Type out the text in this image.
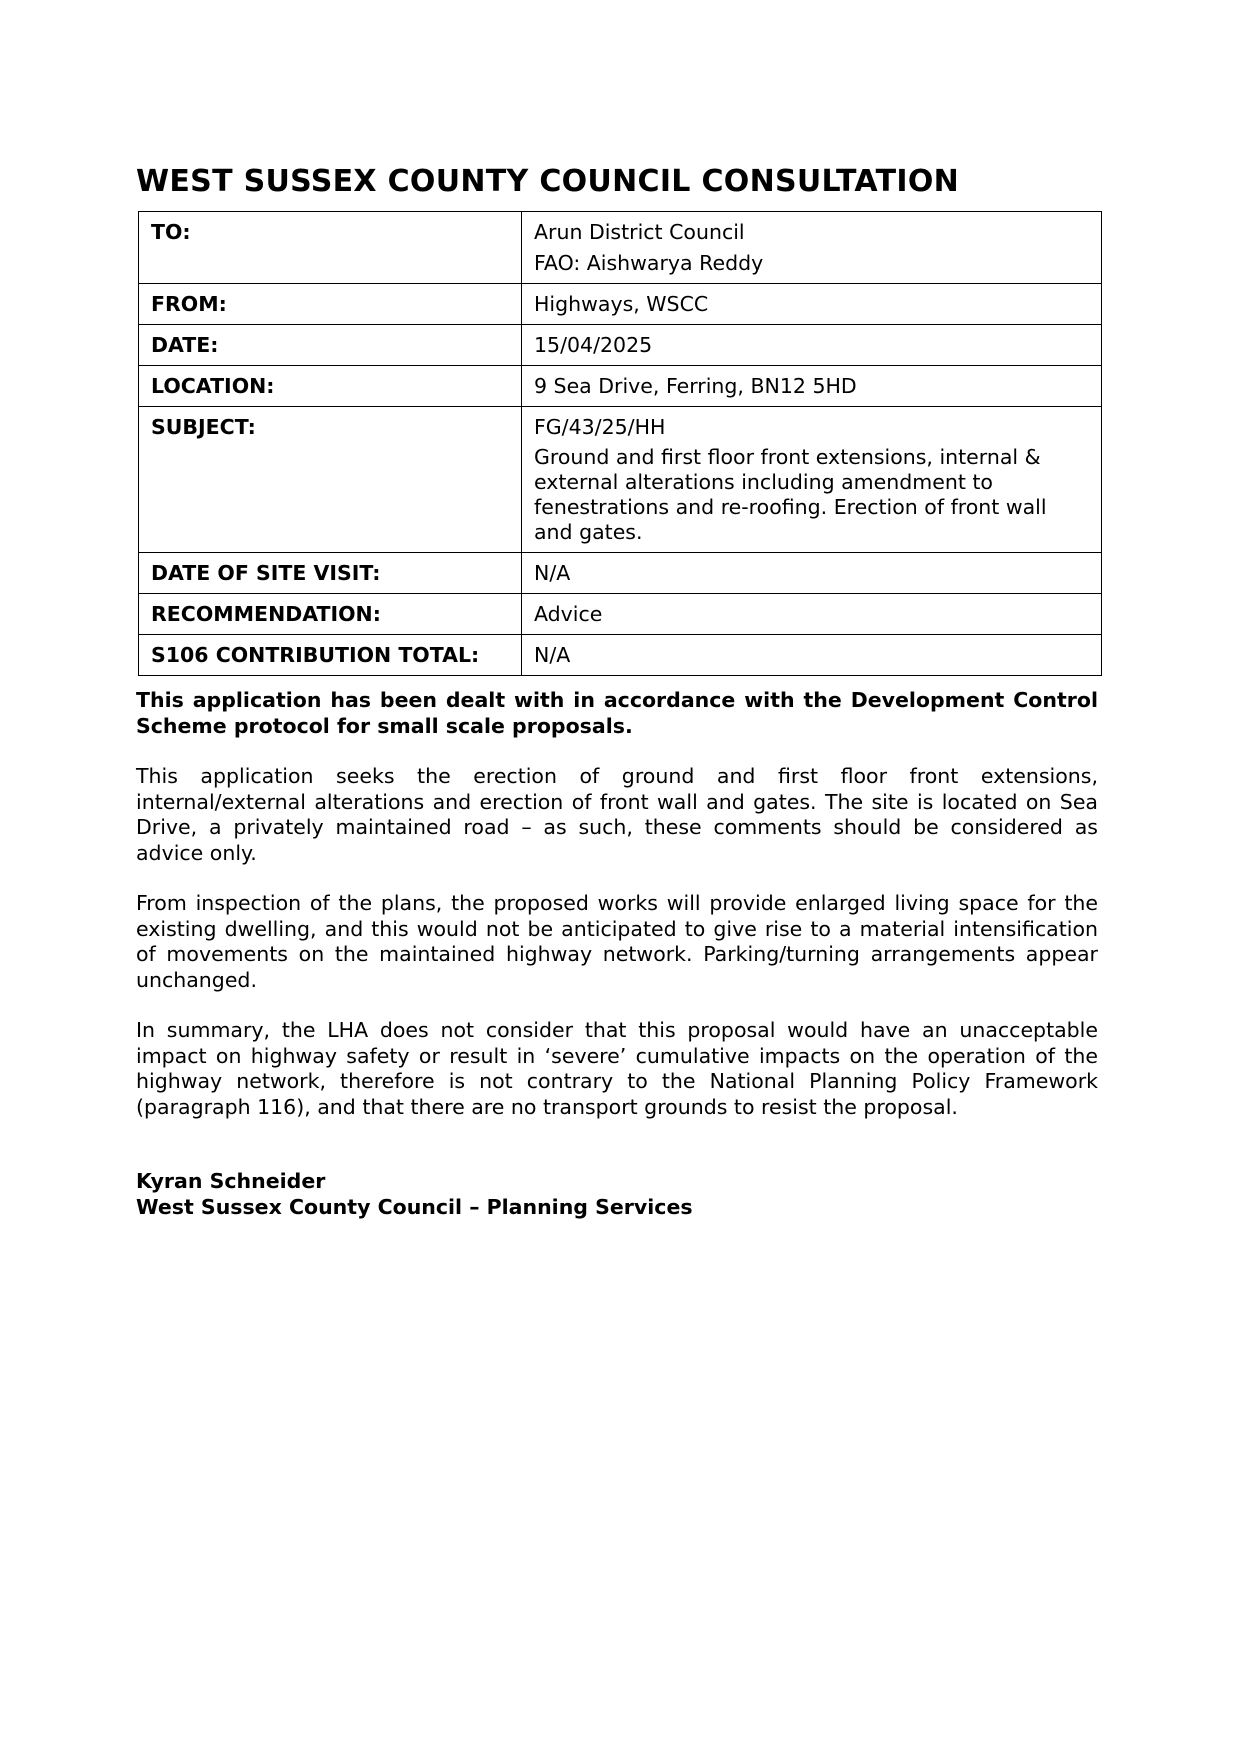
WEST SUSSEX COUNTY COUNCIL CONSULTATION
TO:	Arun District Council
FAO: Aishwarya Reddy

FROM:	Highways, WSCC
DATE:	15/04/2025
LOCATION:	9 Sea Drive, Ferring, BN12 5HD
SUBJECT:	FG/43/25/HH
Ground and first floor front extensions, internal & external alterations including amendment to fenestrations and re-roofing. Erection of front wall and gates.

DATE OF SITE VISIT:	N/A
RECOMMENDATION:	Advice
S106 CONTRIBUTION TOTAL:	N/A

This application has been dealt with in accordance with the Development Control Scheme protocol for small scale proposals.

This application seeks the erection of ground and first floor front extensions, internal/external alterations and erection of front wall and gates. The site is located on Sea Drive, a privately maintained road – as such, these comments should be considered as advice only.

From inspection of the plans, the proposed works will provide enlarged living space for the existing dwelling, and this would not be anticipated to give rise to a material intensification of movements on the maintained highway network. Parking/turning arrangements appear unchanged.

In summary, the LHA does not consider that this proposal would have an unacceptable impact on highway safety or result in ‘severe’ cumulative impacts on the operation of the highway network, therefore is not contrary to the National Planning Policy Framework (paragraph 116), and that there are no transport grounds to resist the proposal.

Kyran Schneider
West Sussex County Council – Planning Services
